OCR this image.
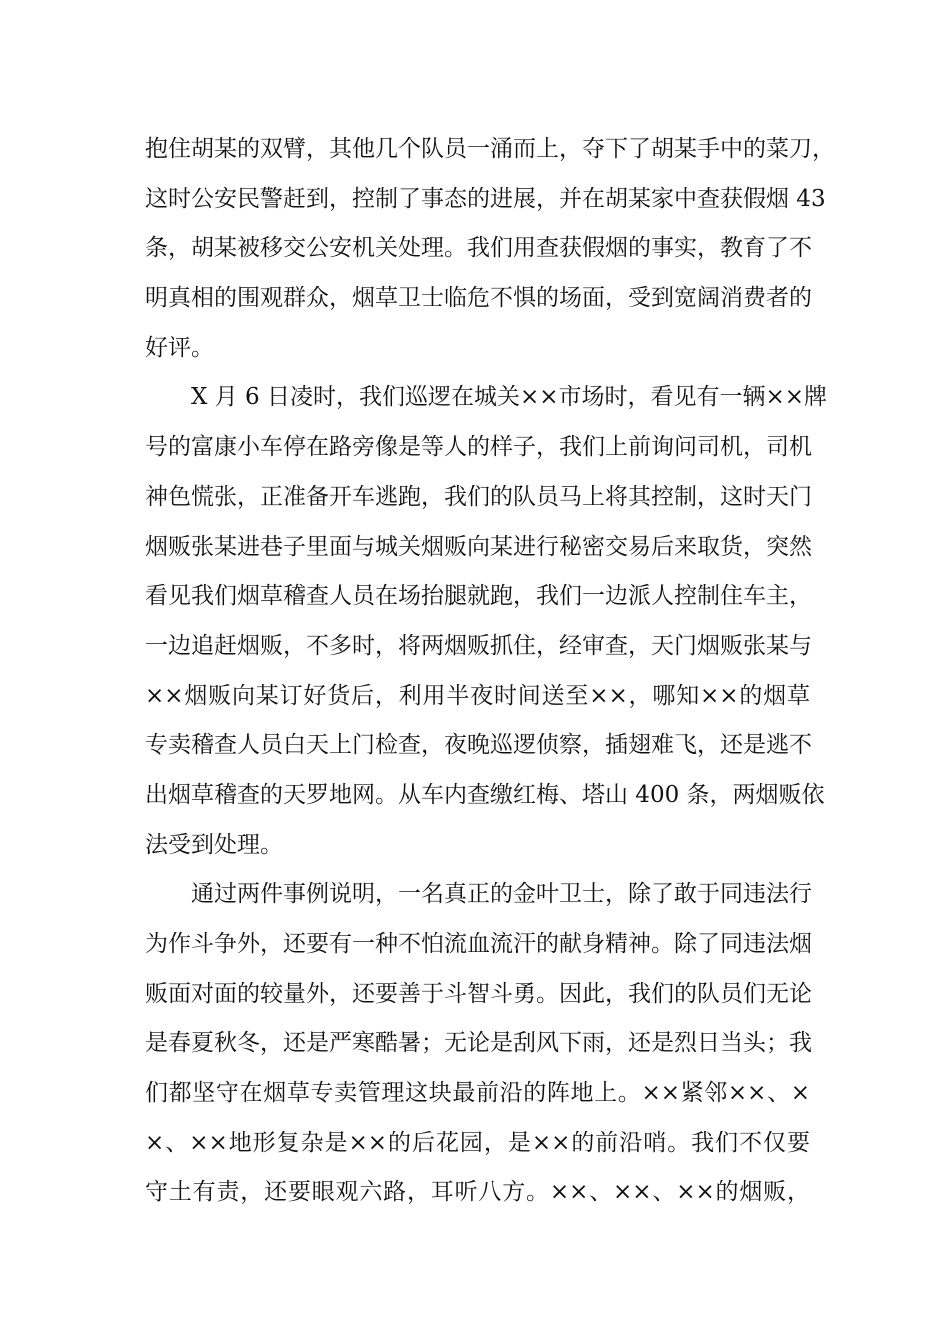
抱住胡某的双臂，其他几个队员一涌而上，夺下了胡某手中的菜刀，
这时公安民警赶到，控制了事态的进展，并在胡某家中查获假烟 43
条，胡某被移交公安机关处理。我们用查获假烟的事实，教育了不
明真相的围观群众，烟草卫士临危不惧的场面，受到宽阔消费者的
好评。
X 月 6 日凌时，我们巡逻在城关××市场时，看见有一辆××牌
号的富康小车停在路旁像是等人的样子，我们上前询问司机，司机
神色慌张，正准备开车逃跑，我们的队员马上将其控制，这时天门
烟贩张某进巷子里面与城关烟贩向某进行秘密交易后来取货，突然
看见我们烟草稽查人员在场抬腿就跑，我们一边派人控制住车主，
一边追赶烟贩，不多时，将两烟贩抓住，经审查，天门烟贩张某与
××烟贩向某订好货后，利用半夜时间送至××，哪知××的烟草
专卖稽查人员白天上门检查，夜晚巡逻侦察，插翅难飞，还是逃不
出烟草稽查的天罗地网。从车内查缴红梅、塔山 400 条，两烟贩依
法受到处理。
通过两件事例说明，一名真正的金叶卫士，除了敢于同违法行
为作斗争外，还要有一种不怕流血流汗的献身精神。除了同违法烟
贩面对面的较量外，还要善于斗智斗勇。因此，我们的队员们无论
是春夏秋冬，还是严寒酷暑；无论是刮风下雨，还是烈日当头；我
们都坚守在烟草专卖管理这块最前沿的阵地上。××紧邻××、×
×、××地形复杂是××的后花园，是××的前沿哨。我们不仅要
守土有责，还要眼观六路，耳听八方。××、××、××的烟贩，
